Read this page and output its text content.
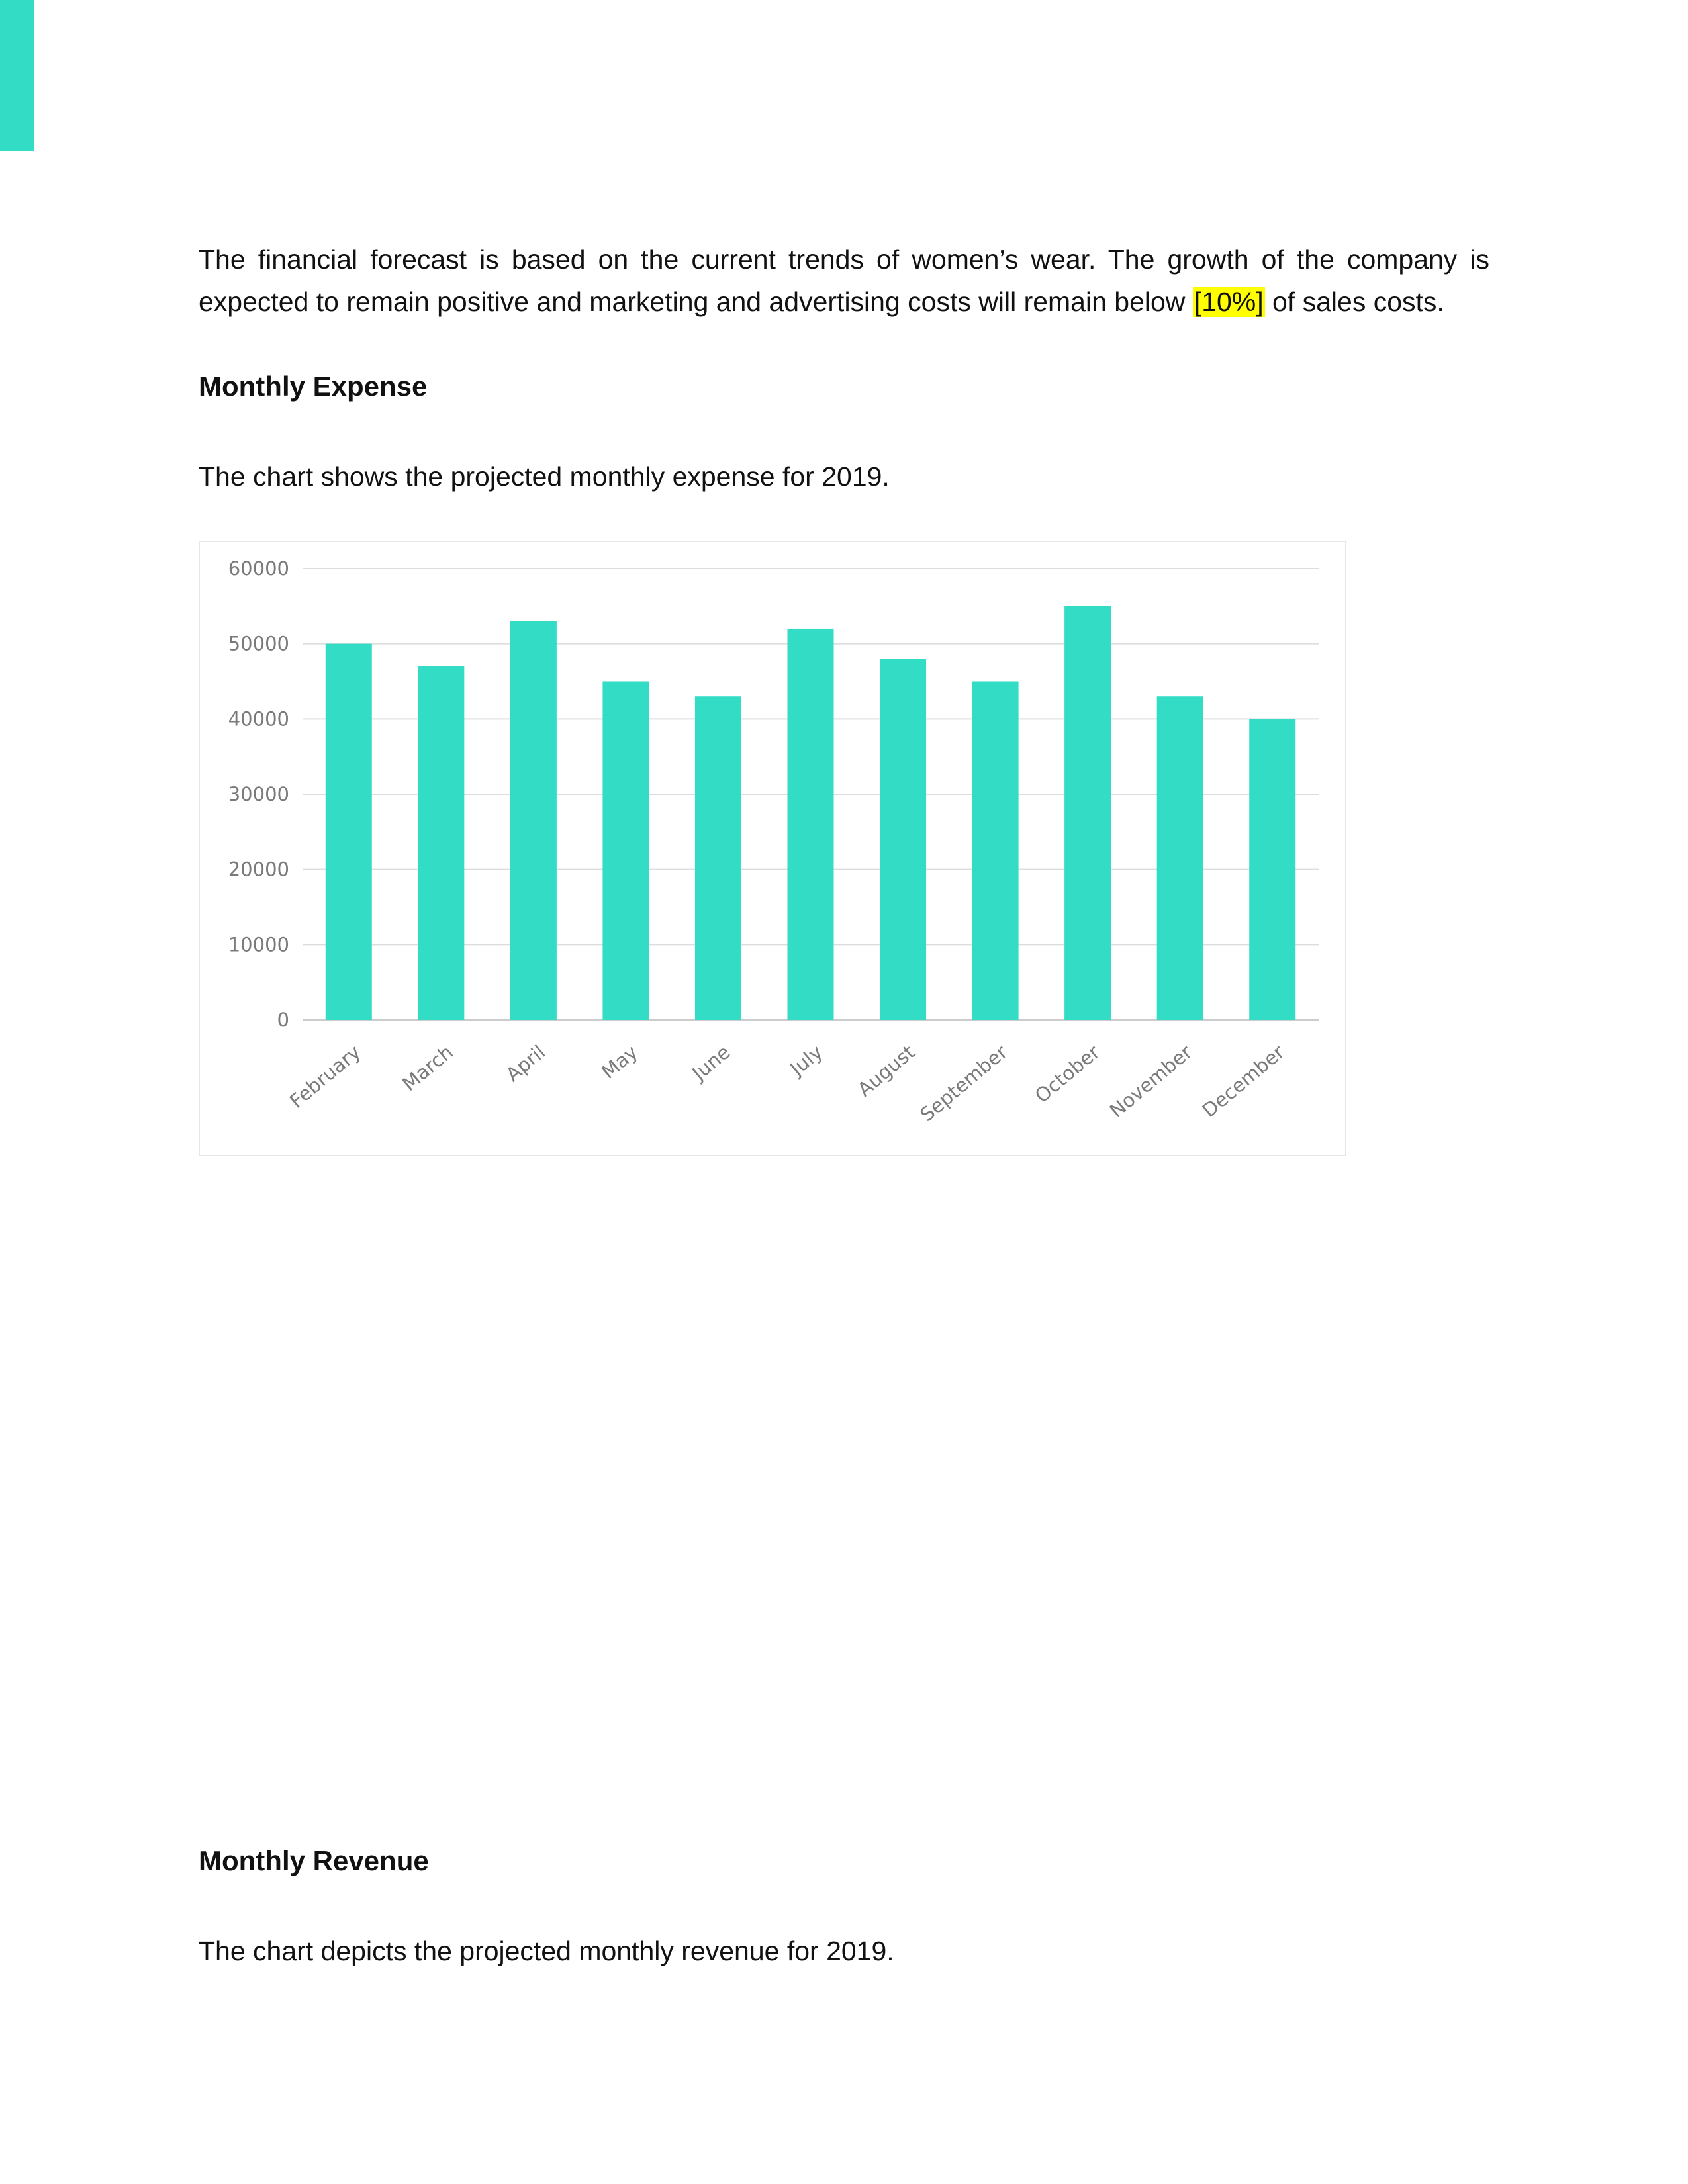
The financial forecast is based on the current trends of women’s wear. The growth of the company is

expected to remain positive and marketing and advertising costs will remain below [10%] of sales costs.

Monthly Expense

The chart shows the projected monthly expense for 2019.

0
10000
20000
30000
40000
50000
60000
February March April May June	July August
September October November December
Monthly Revenue

The chart depicts the projected monthly revenue for 2019.
